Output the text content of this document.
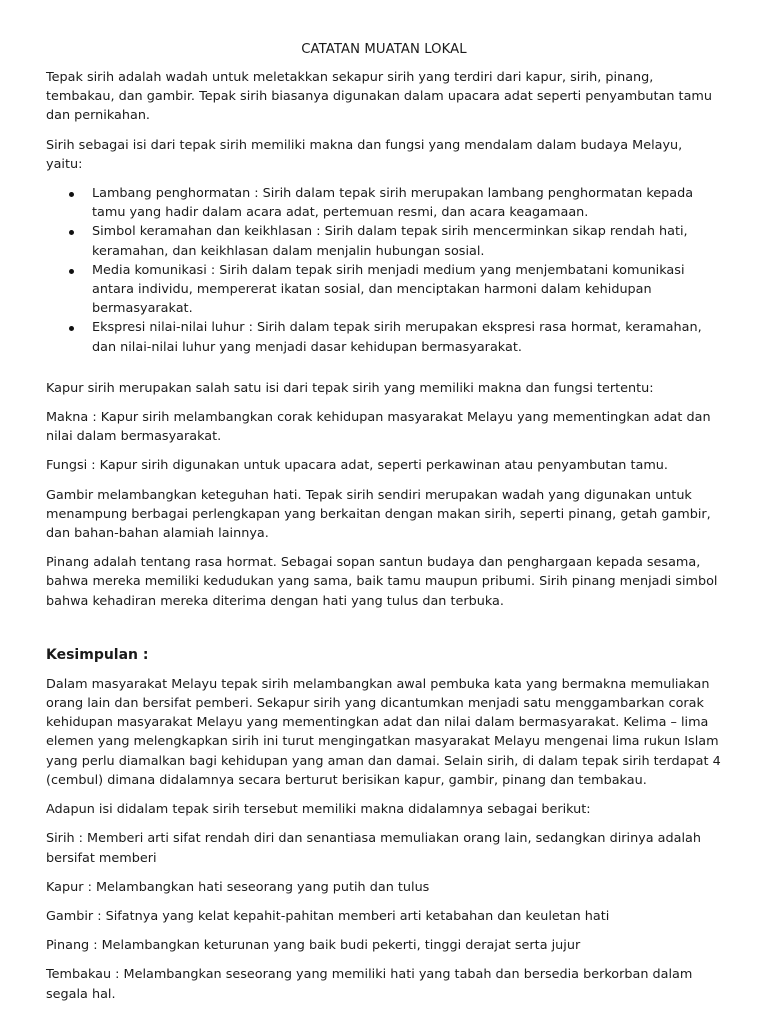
CATATAN MUATAN LOKAL

Tepak sirih adalah wadah untuk meletakkan sekapur sirih yang terdiri dari kapur, sirih, pinang, tembakau, dan gambir. Tepak sirih biasanya digunakan dalam upacara adat seperti penyambutan tamu dan pernikahan.

Sirih sebagai isi dari tepak sirih memiliki makna dan fungsi yang mendalam dalam budaya Melayu, yaitu:

Lambang penghormatan : Sirih dalam tepak sirih merupakan lambang penghormatan kepada tamu yang hadir dalam acara adat, pertemuan resmi, dan acara keagamaan.
Simbol keramahan dan keikhlasan : Sirih dalam tepak sirih mencerminkan sikap rendah hati, keramahan, dan keikhlasan dalam menjalin hubungan sosial.
Media komunikasi : Sirih dalam tepak sirih menjadi medium yang menjembatani komunikasi antara individu, mempererat ikatan sosial, dan menciptakan harmoni dalam kehidupan bermasyarakat.
Ekspresi nilai-nilai luhur : Sirih dalam tepak sirih merupakan ekspresi rasa hormat, keramahan, dan nilai-nilai luhur yang menjadi dasar kehidupan bermasyarakat.

Kapur sirih merupakan salah satu isi dari tepak sirih yang memiliki makna dan fungsi tertentu:

Makna : Kapur sirih melambangkan corak kehidupan masyarakat Melayu yang mementingkan adat dan nilai dalam bermasyarakat.

Fungsi : Kapur sirih digunakan untuk upacara adat, seperti perkawinan atau penyambutan tamu.

Gambir melambangkan keteguhan hati. Tepak sirih sendiri merupakan wadah yang digunakan untuk menampung berbagai perlengkapan yang berkaitan dengan makan sirih, seperti pinang, getah gambir, dan bahan-bahan alamiah lainnya.

Pinang adalah tentang rasa hormat. Sebagai sopan santun budaya dan penghargaan kepada sesama, bahwa mereka memiliki kedudukan yang sama, baik tamu maupun pribumi. Sirih pinang menjadi simbol bahwa kehadiran mereka diterima dengan hati yang tulus dan terbuka.

Kesimpulan :

Dalam masyarakat Melayu tepak sirih melambangkan awal pembuka kata yang bermakna memuliakan orang lain dan bersifat pemberi. Sekapur sirih yang dicantumkan menjadi satu menggambarkan corak kehidupan masyarakat Melayu yang mementingkan adat dan nilai dalam bermasyarakat. Kelima – lima elemen yang melengkapkan sirih ini turut mengingatkan masyarakat Melayu mengenai lima rukun Islam yang perlu diamalkan bagi kehidupan yang aman dan damai. Selain sirih, di dalam tepak sirih terdapat 4 (cembul) dimana didalamnya secara berturut berisikan kapur, gambir, pinang dan tembakau.

Adapun isi didalam tepak sirih tersebut memiliki makna didalamnya sebagai berikut:

Sirih : Memberi arti sifat rendah diri dan senantiasa memuliakan orang lain, sedangkan dirinya adalah bersifat memberi

Kapur : Melambangkan hati seseorang yang putih dan tulus

Gambir : Sifatnya yang kelat kepahit-pahitan memberi arti ketabahan dan keuletan hati

Pinang : Melambangkan keturunan yang baik budi pekerti, tinggi derajat serta jujur

Tembakau : Melambangkan seseorang yang memiliki hati yang tabah dan bersedia berkorban dalam segala hal.
